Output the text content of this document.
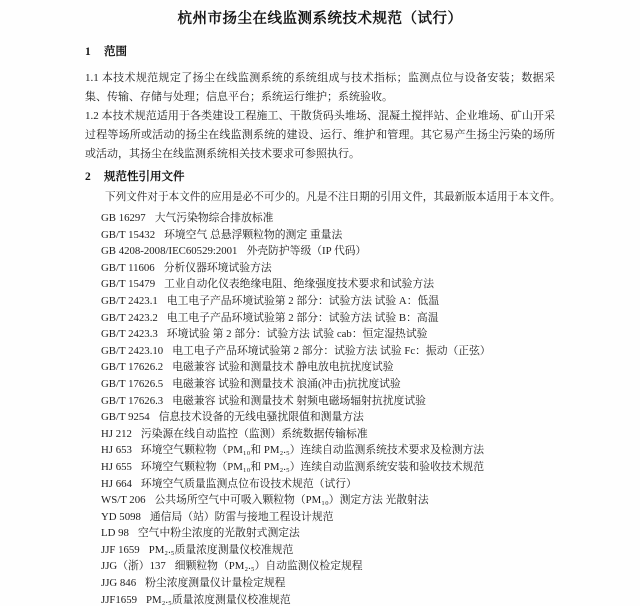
杭州市扬尘在线监测系统技术规范（试行）
1 范围

1.1 本技术规范规定了扬尘在线监测系统的系统组成与技术指标；监测点位与设备安装；数据采集、传输、存储与处理；信息平台；系统运行维护；系统验收。

1.2 本技术规范适用于各类建设工程施工、干散货码头堆场、混凝土搅拌站、企业堆场、矿山开采过程等场所或活动的扬尘在线监测系统的建设、运行、维护和管理。其它易产生扬尘污染的场所或活动，其扬尘在线监测系统相关技术要求可参照执行。

2 规范性引用文件

下列文件对于本文件的应用是必不可少的。凡是不注日期的引用文件，其最新版本适用于本文件。

GB 16297 大气污染物综合排放标准
GB/T 15432 环境空气 总悬浮颗粒物的测定 重量法
GB 4208-2008/IEC60529:2001 外壳防护等级（IP 代码）
GB/T 11606 分析仪器环境试验方法
GB/T 15479 工业自动化仪表绝缘电阻、绝缘强度技术要求和试验方法
GB/T 2423.1 电工电子产品环境试验第 2 部分：试验方法 试验 A：低温
GB/T 2423.2 电工电子产品环境试验第 2 部分：试验方法 试验 B：高温
GB/T 2423.3 环境试验 第 2 部分：试验方法 试验 cab：恒定湿热试验
GB/T 2423.10 电工电子产品环境试验第 2 部分：试验方法 试验 Fc：振动（正弦）
GB/T 17626.2 电磁兼容 试验和测量技术 静电放电抗扰度试验
GB/T 17626.5 电磁兼容 试验和测量技术 浪涌(冲击)抗扰度试验
GB/T 17626.3 电磁兼容 试验和测量技术 射频电磁场辐射抗扰度试验
GB/T 9254 信息技术设备的无线电骚扰限值和测量方法
HJ 212 污染源在线自动监控（监测）系统数据传输标准
HJ 653 环境空气颗粒物（PM₁₀和 PM₂.₅）连续自动监测系统技术要求及检测方法
HJ 655 环境空气颗粒物（PM₁₀和 PM₂.₅）连续自动监测系统安装和验收技术规范
HJ 664 环境空气质量监测点位布设技术规范（试行）
WS/T 206 公共场所空气中可吸入颗粒物（PM₁₀）测定方法 光散射法
YD 5098 通信局（站）防雷与接地工程设计规范
LD 98 空气中粉尘浓度的光散射式测定法
JJF 1659 PM₂.₅质量浓度测量仪校准规范
JJG（浙）137 细颗粒物（PM₂.₅）自动监测仪检定规程
JJG 846 粉尘浓度测量仪计量检定规程
JJF1659 PM₂.₅质量浓度测量仪校准规范
